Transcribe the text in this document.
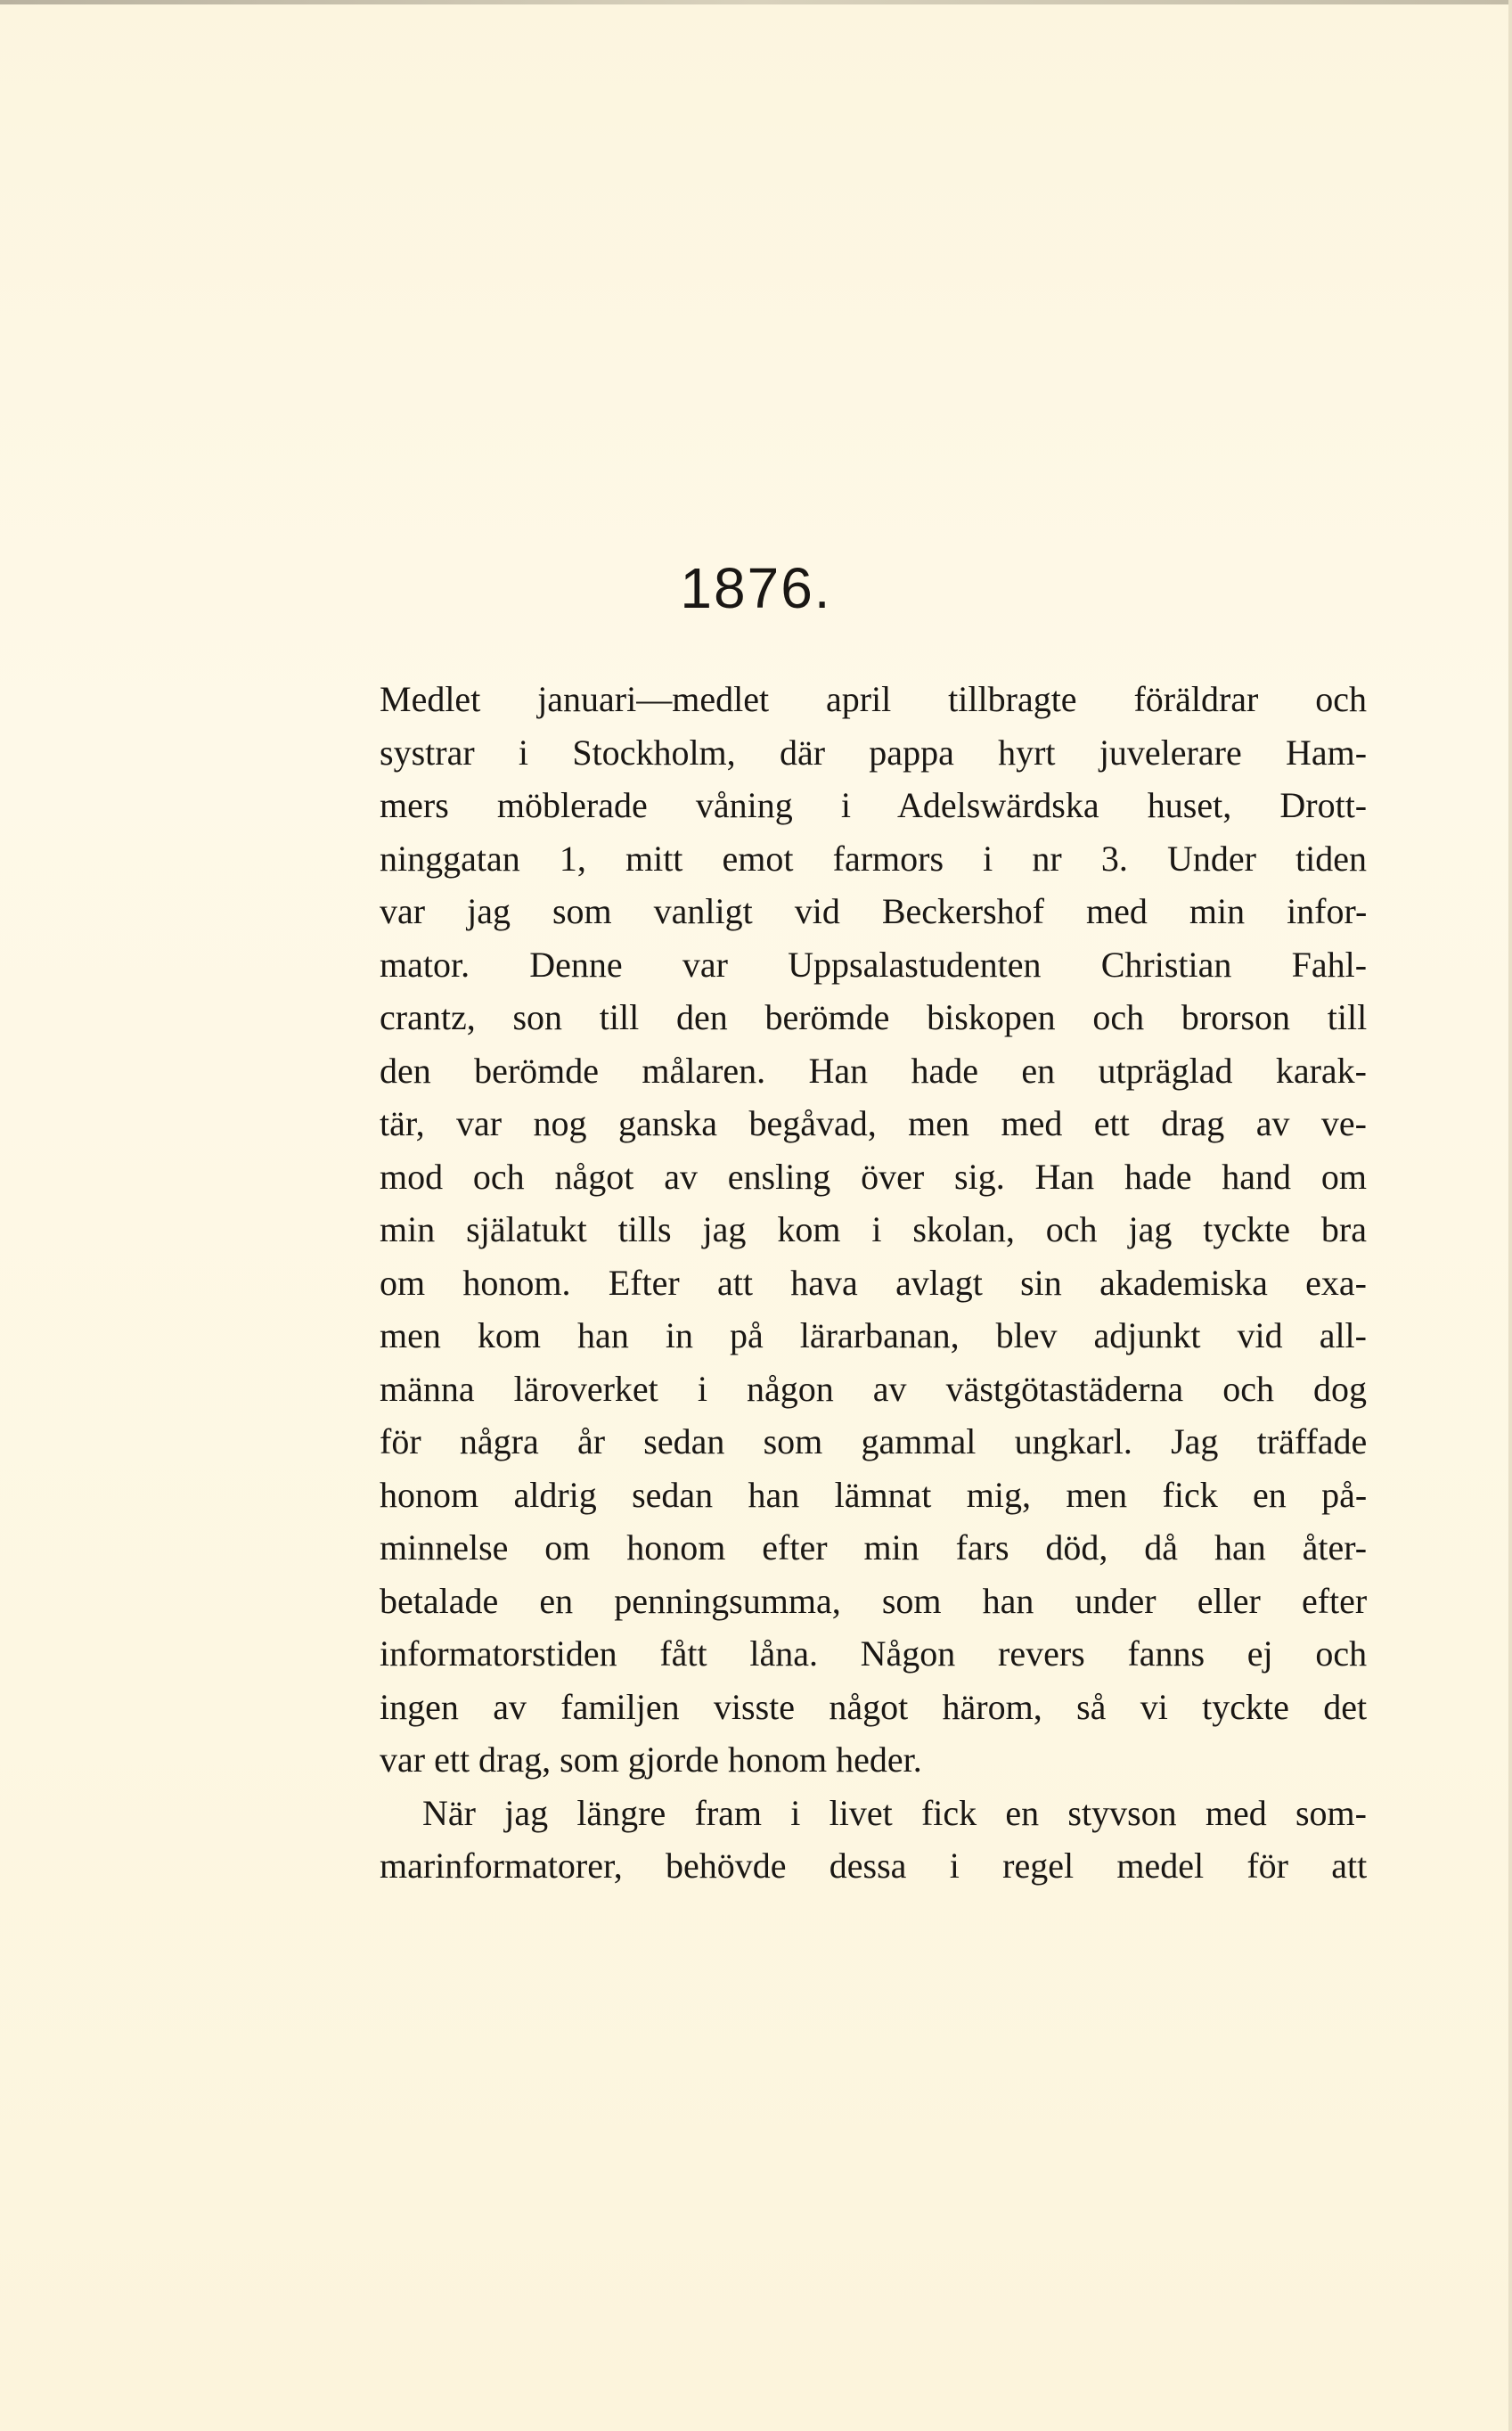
1876.
Medlet januari—medlet april tillbragte föräldrar och
systrar i Stockholm, där pappa hyrt juvelerare Ham-
mers möblerade våning i Adelswärdska huset, Drott-
ninggatan 1, mitt emot farmors i nr 3. Under tiden
var jag som vanligt vid Beckershof med min infor-
mator. Denne var Uppsalastudenten Christian Fahl-
crantz, son till den berömde biskopen och brorson till
den berömde målaren. Han hade en utpräglad karak-
tär, var nog ganska begåvad, men med ett drag av ve-
mod och något av ensling över sig. Han hade hand om
min själatukt tills jag kom i skolan, och jag tyckte bra
om honom. Efter att hava avlagt sin akademiska exa-
men kom han in på lärarbanan, blev adjunkt vid all-
männa läroverket i någon av västgötastäderna och dog
för några år sedan som gammal ungkarl. Jag träffade
honom aldrig sedan han lämnat mig, men fick en på-
minnelse om honom efter min fars död, då han åter-
betalade en penningsumma, som han under eller efter
informatorstiden fått låna. Någon revers fanns ej och
ingen av familjen visste något härom, så vi tyckte det
var ett drag, som gjorde honom heder.
När jag längre fram i livet fick en styvson med som-
marinformatorer, behövde dessa i regel medel för att
